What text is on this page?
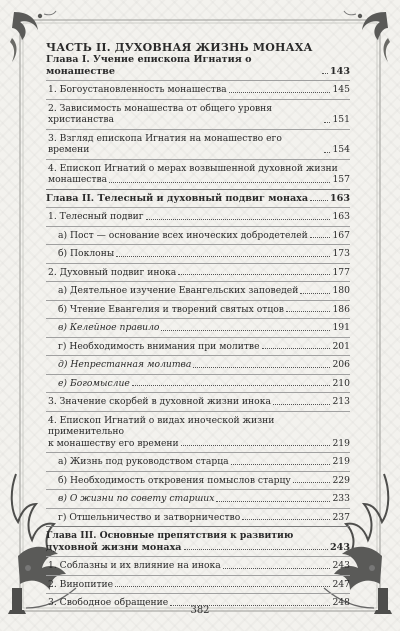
ЧАСТЬ II. ДУХОВНАЯ ЖИЗНЬ МОНАХА
Глава I. Учение епископа Игнатия о монашестве	143
1. Богоустановленность монашества	145
2. Зависимость монашества от общего уровня христианства	151
3. Взгляд епископа Игнатия на монашество его времени	154
4. Епископ Игнатий о мерах возвышенной духовной жизни
монашества	157
Глава II. Телесный и духовный подвиг монаха 163
1. Телесный подвиг	163
а) Пост — основание всех иноческих добродетелей	167
б) Поклоны	173
2. Духовный подвиг инока	177
а) Деятельное изучение Евангельских заповедей	180
б) Чтение Евангелия и творений святых отцов	186
в) Келейное правило	191
г) Необходимость внимания при молитве	201
д) Непрестанная молитва	206
е) Богомыслие	210
3. Значение скорбей в духовной жизни инока	213
4. Епископ Игнатий о видах иноческой жизни применительно
к монашеству его времени	219
а) Жизнь под руководством старца	219
б) Необходимость откровения помыслов старцу	229
в) О жизни по совету старших	233
г) Отшельничество и затворничество	237
Глава III. Основные препятствия к развитию
духовной жизни монаха	243
1. Соблазны и их влияние на инока	243
2. Винопитие	247
3. Свободное обращение	248
382
